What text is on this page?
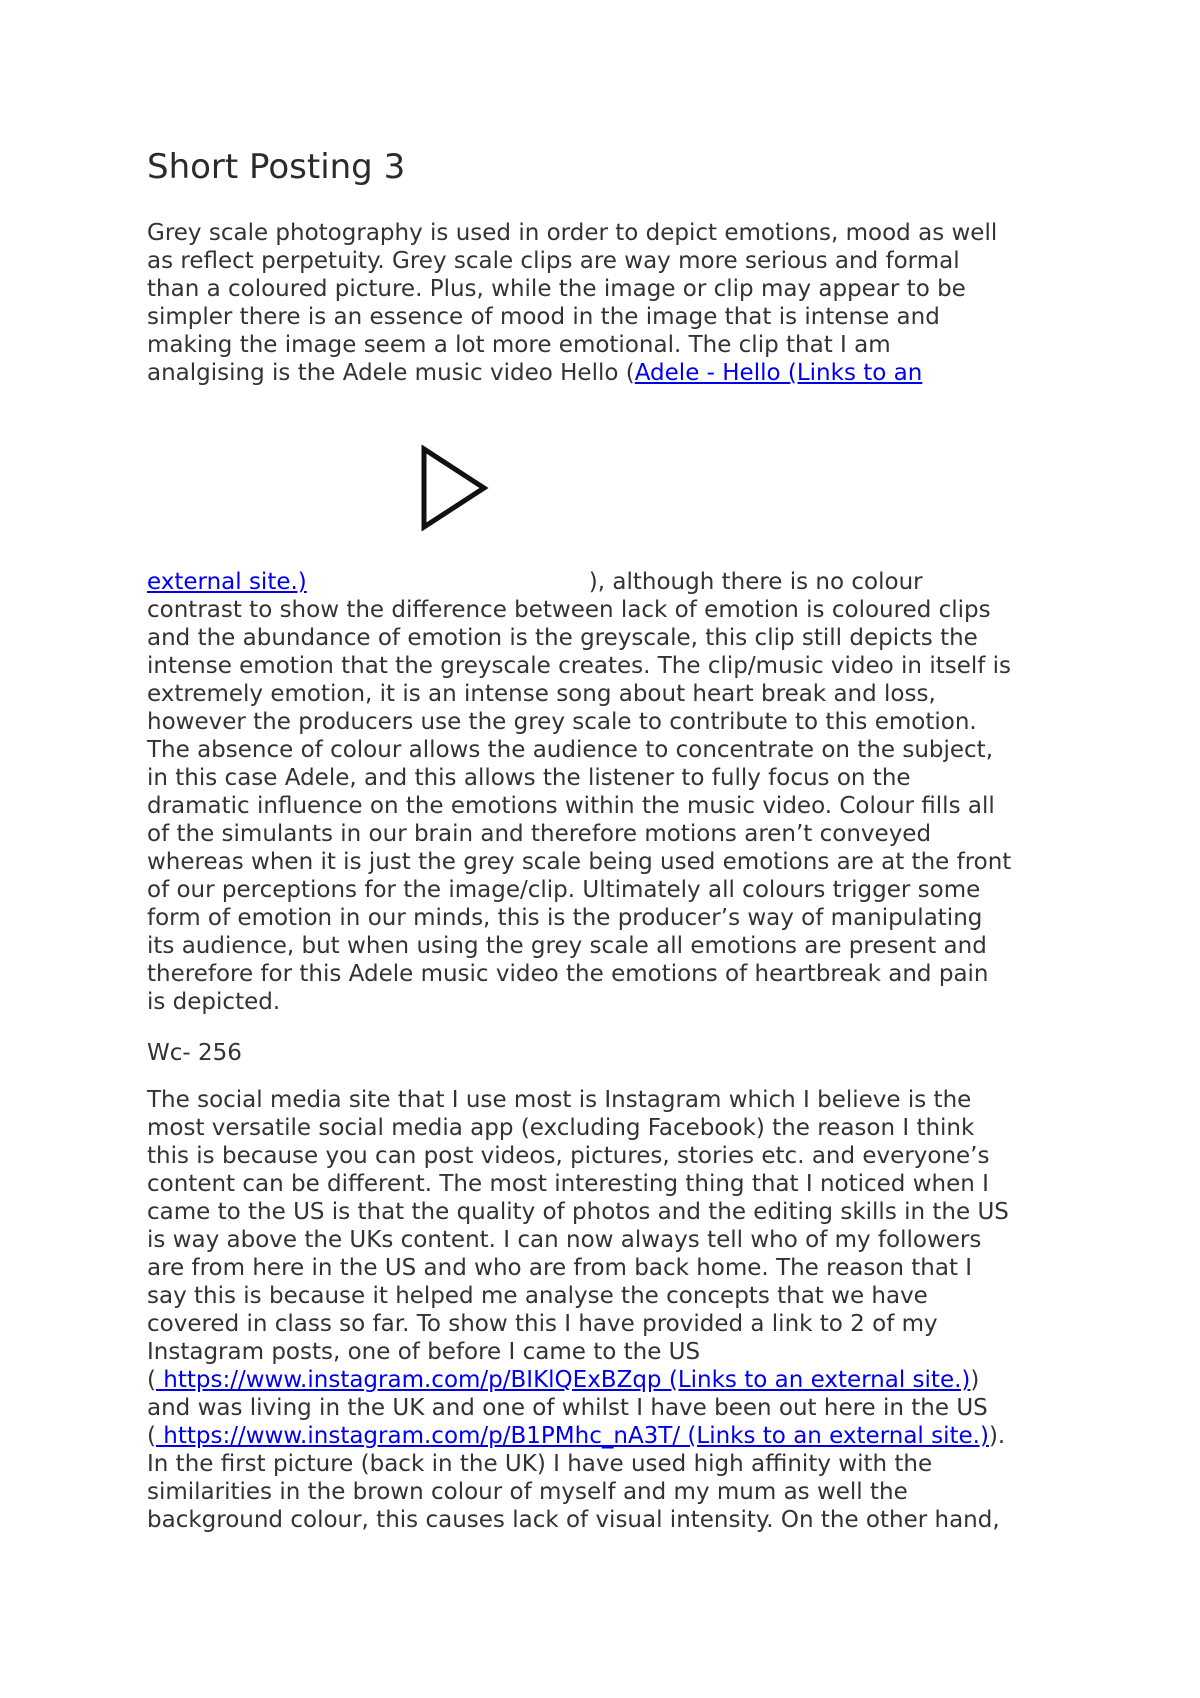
Short Posting 3
Grey scale photography is used in order to depict emotions, mood as well
as reflect perpetuity. Grey scale clips are way more serious and formal
than a coloured picture. Plus, while the image or clip may appear to be
simpler there is an essence of mood in the image that is intense and
making the image seem a lot more emotional. The clip that I am
analgising is the Adele music video Hello (Adele - Hello (Links to an
external site.)	), although there is no colour
contrast to show the difference between lack of emotion is coloured clips
and the abundance of emotion is the greyscale, this clip still depicts the
intense emotion that the greyscale creates. The clip/music video in itself is
extremely emotion, it is an intense song about heart break and loss,
however the producers use the grey scale to contribute to this emotion.
The absence of colour allows the audience to concentrate on the subject,
in this case Adele, and this allows the listener to fully focus on the
dramatic influence on the emotions within the music video. Colour fills all
of the simulants in our brain and therefore motions aren’t conveyed
whereas when it is just the grey scale being used emotions are at the front
of our perceptions for the image/clip. Ultimately all colours trigger some
form of emotion in our minds, this is the producer’s way of manipulating
its audience, but when using the grey scale all emotions are present and
therefore for this Adele music video the emotions of heartbreak and pain
is depicted.
Wc- 256
The social media site that I use most is Instagram which I believe is the
most versatile social media app (excluding Facebook) the reason I think
this is because you can post videos, pictures, stories etc. and everyone’s
content can be different. The most interesting thing that I noticed when I
came to the US is that the quality of photos and the editing skills in the US
is way above the UKs content. I can now always tell who of my followers
are from here in the US and who are from back home. The reason that I
say this is because it helped me analyse the concepts that we have
covered in class so far. To show this I have provided a link to 2 of my
Instagram posts, one of before I came to the US
( https://www.instagram.com/p/BIKlQExBZqp (Links to an external site.))
and was living in the UK and one of whilst I have been out here in the US
( https://www.instagram.com/p/B1PMhc_nA3T/ (Links to an external site.)).
In the first picture (back in the UK) I have used high affinity with the
similarities in the brown colour of myself and my mum as well the
background colour, this causes lack of visual intensity. On the other hand,
